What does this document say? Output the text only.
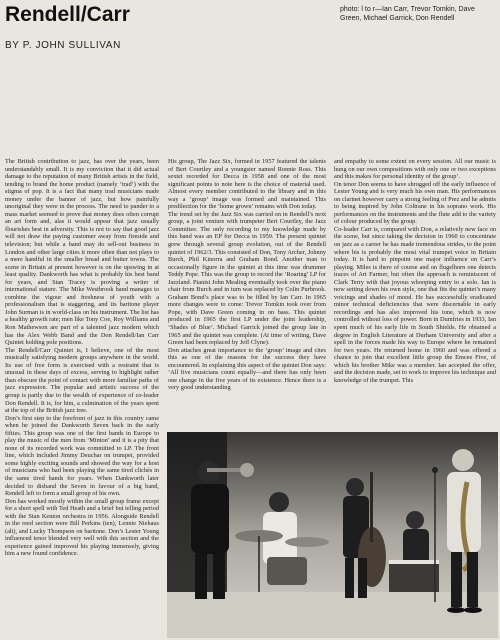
Rendell/Carr
BY P. JOHN SULLIVAN
photo: l to r—Ian Carr, Trevor Tomkin, Dave Green, Michael Garrick, Don Rendell

The British contribution to jazz, has over the years, been understandably small. It is my conviction that it did actual damage to the reputation of many British artists in the field, tending to brand the home product (namely ‘trad’) with the stigma of pop. It is a fact that many trad musicians made money under the banner of jazz, but how painfully unoriginal they were in the process. The need to pander to a mass market seemed to prove that money does often corrupt an art form and, alas it would appear that jazz usually flourishes best in adversity. This is not to say that good jazz will not draw the paying customer away from fireside and television; but while a band may do sell-out business in London and other large cities it more often than not plays to a mere handful in the smaller bread and butter towns. The scene in Britain at present however is on the upswing in at least quality. Dankworth has what is probably his best band for years, and Stan Tracey is proving a writer of international stature. The Mike Westbrook band manages to combine the vigour and freshness of youth with a professionalism that is staggering, and its baritone player John Surman is in world-class on his instrument. The list has a healthy growth rate; men like Tony Coe, Roy Williams and Ron Mathewson are part of a talented jazz modern which has the Alex Webb Band and the Don Rendell/Ian Carr Quintet holding pole positions.

The Rendell/Carr Quintet is, I believe, one of the most musically satisfying modern groups anywhere in the world. Its use of free form is exercised with a restraint that is unusual in these days of excess, serving to highlight rather than obscure the point of contact with more familiar paths of jazz expression. The popular and artistic success of the group is partly due to the wealth of experience of co-leader Don Rendell. It is, for him, a culmination of the years spent at the top of the British jazz tree.

Don’s first step to the forefront of jazz in this country came when he joined the Dankworth Seven back in the early fifties. This group was one of the first bands in Europe to play the music of the men from ‘Minton’ and it is a pity that none of its recorded work was committed to LP. The front line, which included Jimmy Deuchar on trumpet, provided some highly exciting sounds and showed the way for a host of musicians who had been playing the same tired clichés in the same tired bands for years. When Dankworth later decided to disband the Seven in favour of a big band, Rendell left to form a small group of his own.

Don has worked mostly within the small group frame except for a short spell with Ted Heath and a brief but telling period with the Stan Kenton orchestra in 1956. Alongside Rendell in the reed section were Bill Perkins (ten), Lennie Niehaus (alt), and Lucky Thompson on baritone. Don’s Lester Young influenced tenor blended very well with this section and the experience gained improved his playing immensely, giving him a new found confidence.

His group, The Jazz Six, formed in 1957 featured the talents of Bert Courtley and a youngster named Ronnie Ross. This sextet recorded for Decca in 1958 and one of the most significant points to note here is the choice of material used. Almost every member contributed to the library and in this way a ‘group’ image was formed and maintained. This predilection for the ‘home grown’ remains with Don today.

The trend set by the Jazz Six was carried on in Rendell’s next group, a joint venture with trumpeter Bert Courtley, the Jazz Committee. The only recording to my knowledge made by this band was an EP for Decca in 1959. The present quintet grew through several group evolution, out of the Rendell quintet of 1962/3. This consisted of Don, Tony Archer, Johnny Burch, Phil Kinorra and Graham Bond. Another man to occasionally figure in the quintet at this time was drummer Teddy Pope. This was the group to record the ‘Roaring’ LP for Jazzland. Pianist John Mealing eventually took over the piano chair from Burch and in turn was replaced by Colin Purbrook. Graham Bond’s place was to be filled by Ian Carr. In 1965 more changes were to come: Trevor Tomkin took over from Pope, with Dave Green coming in on bass. This quintet produced in 1965 the first LP under the joint leadership, ‘Shades of Blue’. Michael Garrick joined the group late in 1965 and the quintet was complete. (At time of writing, Dave Green had been replaced by Jeff Clyne).

Don attaches great importance to the ‘group’ image and cites this as one of the reasons for the success they have encountered. In explaining this aspect of the quintet Don says: ‘All five musicians count equally—and there has only been one change in the five years of its existence. Hence there is a very good understanding

and empathy to some extent on every session. All our music is hung on our own compositions with only one or two exceptions and this makes for personal identity of the group’.

On tenor Don seems to have shrugged off the early influence of Lester Young and is very much his own man. His performances on clarinet however carry a strong feeling of Prez and he admits to being inspired by John Coltrane in his soprano work. His performances on the instruments and the flute add to the variety of colour produced by the group.

Co-leader Carr is, compared with Don, a relatively new face on the scene, but since taking the decision in 1960 to concentrate on jazz as a career he has made tremendous strides, to the point where his is probably the most vital trumpet voice in Britain today. It is hard to pinpoint one major influence on Carr’s playing. Miles is there of course and on flugelhorn one detects traces of Art Farmer, but often the approach is reminiscent of Clark Terry with that joyous whooping entry to a solo. Ian is now setting down his own style, one that fits the quintet’s many voicings and shades of mood. He has successfully eradicated minor technical deficiencies that were discernable in early recordings and has also improved his tone, which is now controlled without loss of power. Born in Dumfries in 1933, Ian spent much of his early life in South Shields. He obtained a degree in English Literature at Durham University and after a spell in the forces made his way to Europe where he remained for two years. He returned home in 1960 and was offered a chance to join that excellent little group the Emcee Five, of which his brother Mike was a member. Ian accepted the offer, and the decision made, set to work to improve his technique and knowledge of the trumpet. This
